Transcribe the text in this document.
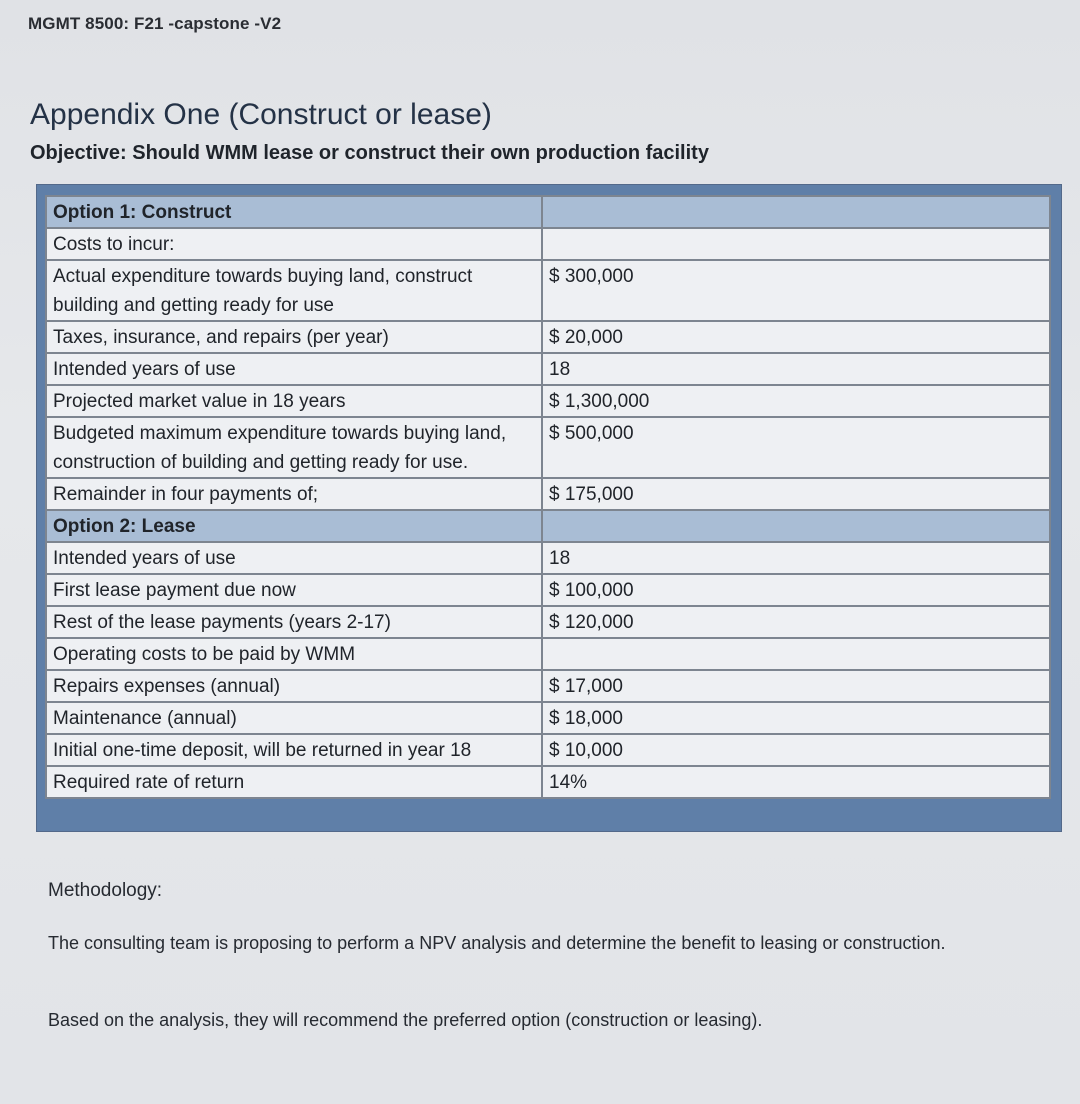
MGMT 8500: F21 -capstone -V2
Appendix One (Construct or lease)
Objective: Should WMM lease or construct their own production facility
Option 1: Construct	
Costs to incur:	
Actual expenditure towards buying land, construct building and getting ready for use	$ 300,000
Taxes, insurance, and repairs (per year)	$ 20,000
Intended years of use	18
Projected market value in 18 years	$ 1,300,000
Budgeted maximum expenditure towards buying land, construction of building and getting ready for use.	$ 500,000
Remainder in four payments of;	$ 175,000
Option 2: Lease	
Intended years of use	18
First lease payment due now	$ 100,000
Rest of the lease payments (years 2-17)	$ 120,000
Operating costs to be paid by WMM	
Repairs expenses (annual)	$ 17,000
Maintenance (annual)	$ 18,000
Initial one-time deposit, will be returned in year 18	$ 10,000
Required rate of return	14%
Methodology:
The consulting team is proposing to perform a NPV analysis and determine the benefit to leasing or construction.
Based on the analysis, they will recommend the preferred option (construction or leasing).
